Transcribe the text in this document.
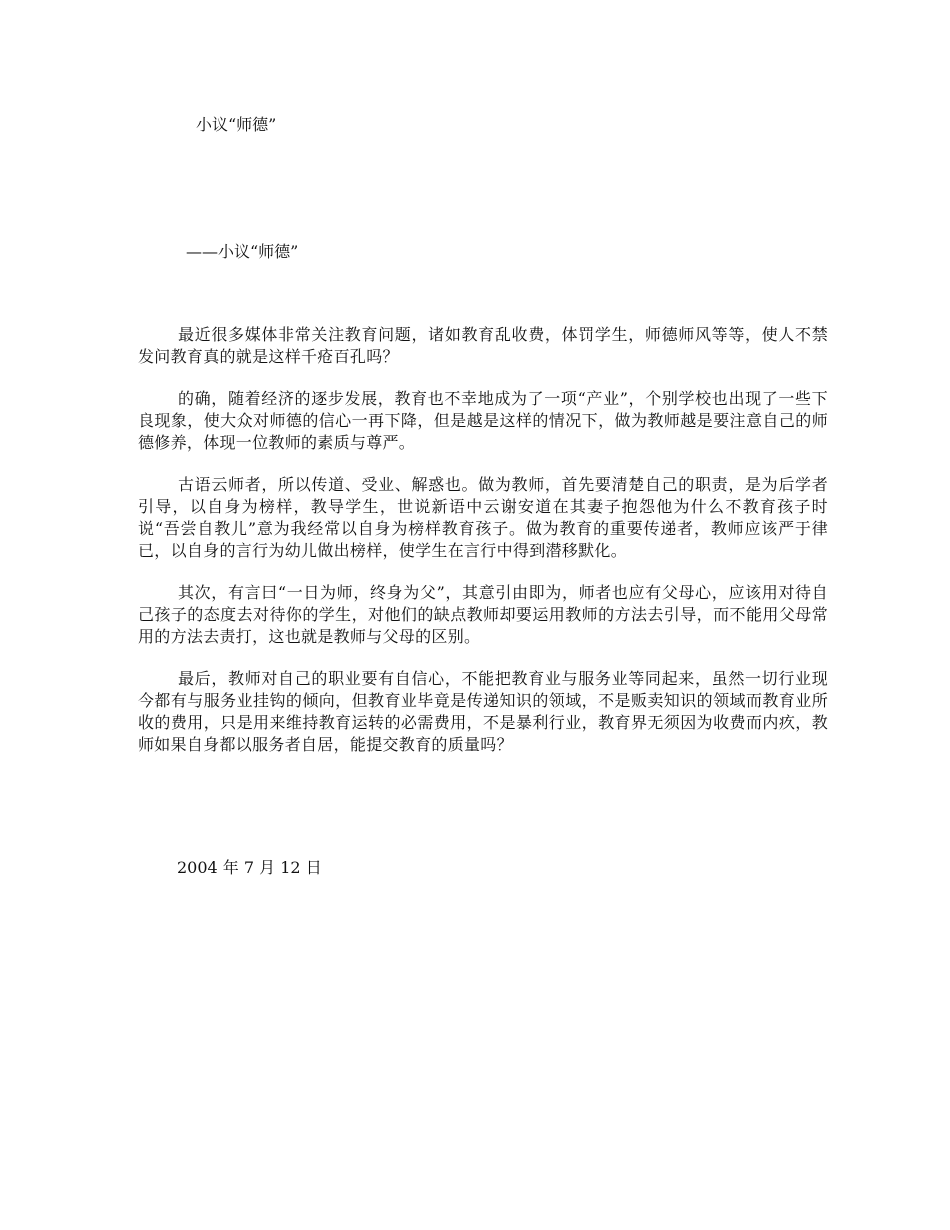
小议“师德”
——小议“师德”

最近很多媒体非常关注教育问题，诸如教育乱收费，体罚学生，师德师风等等，使人不禁发问教育真的就是这样千疮百孔吗？

的确，随着经济的逐步发展，教育也不幸地成为了一项“产业”，个别学校也出现了一些下良现象，使大众对师德的信心一再下降，但是越是这样的情况下，做为教师越是要注意自己的师德修养，体现一位教师的素质与尊严。

古语云师者，所以传道、受业、解惑也。做为教师，首先要清楚自己的职责，是为后学者引导，以自身为榜样，教导学生，世说新语中云谢安道在其妻子抱怨他为什么不教育孩子时说“吾尝自教儿”意为我经常以自身为榜样教育孩子。做为教育的重要传递者，教师应该严于律已，以自身的言行为幼儿做出榜样，使学生在言行中得到潜移默化。

其次，有言曰“一日为师，终身为父”，其意引由即为，师者也应有父母心，应该用对待自己孩子的态度去对待你的学生，对他们的缺点教师却要运用教师的方法去引导，而不能用父母常用的方法去责打，这也就是教师与父母的区别。

最后，教师对自己的职业要有自信心，不能把教育业与服务业等同起来，虽然一切行业现今都有与服务业挂钩的倾向，但教育业毕竟是传递知识的领域，不是贩卖知识的领域而教育业所收的费用，只是用来维持教育运转的必需费用，不是暴利行业，教育界无须因为收费而内疚，教师如果自身都以服务者自居，能提交教育的质量吗？

2004 年 7 月 12 日
